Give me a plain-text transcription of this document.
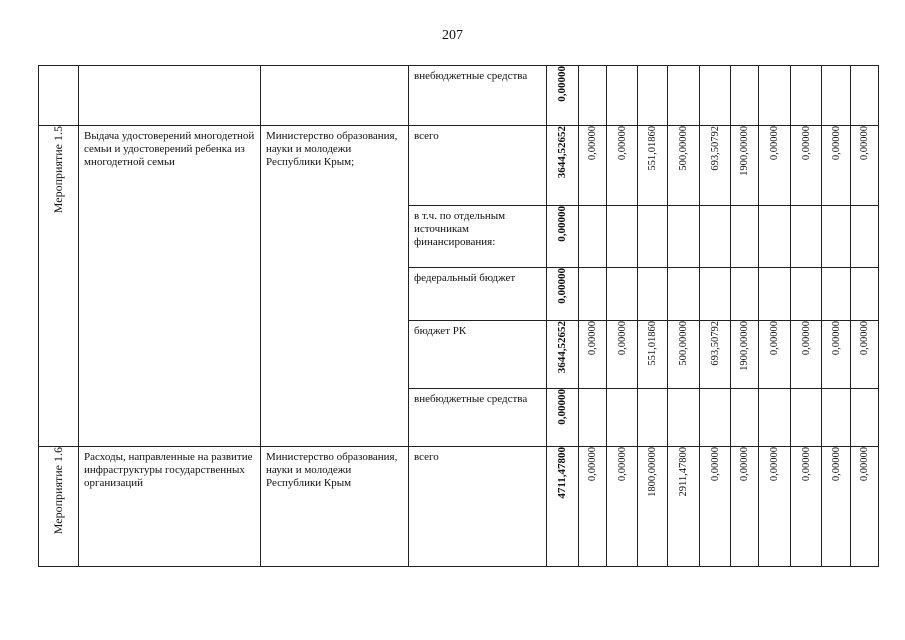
207
			внебюджетные средства	0,00000										
Мероприятие 1.5	Выдача удостоверений многодетной семьи и удостоверений ребенка из многодетной семьи	Министерство образования, науки и молодежи Республики Крым;	всего	3644,52652	0,00000	0,00000	551,01860	500,00000	693,50792	1900,00000	0,00000	0,00000	0,00000	0,00000
			в т.ч. по отдельным источникам финансирования:	0,00000										
			федеральный бюджет	0,00000										
			бюджет РК	3644,52652	0,00000	0,00000	551,01860	500,00000	693,50792	1900,00000	0,00000	0,00000	0,00000	0,00000
			внебюджетные средства	0,00000										
Мероприятие 1.6	Расходы, направленные на развитие инфраструктуры государственных организаций	Министерство образования, науки и молодежи Республики Крым	всего	4711,47800	0,00000	0,00000	1800,00000	2911,47800	0,00000	0,00000	0,00000	0,00000	0,00000	0,00000
